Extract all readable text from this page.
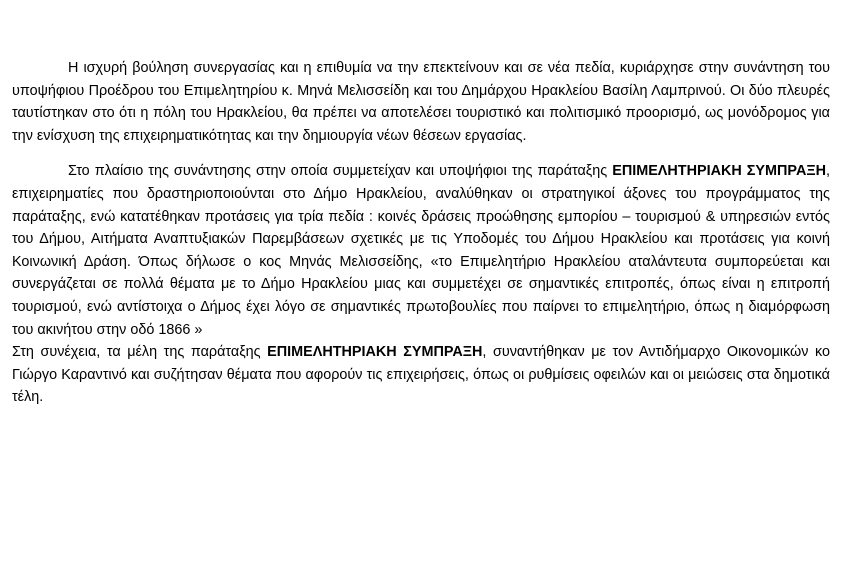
Η ισχυρή βούληση συνεργασίας και η επιθυμία να την επεκτείνουν και σε νέα πεδία, κυριάρχησε στην συνάντηση του υποψήφιου Προέδρου του Επιμελητηρίου κ. Μηνά Μελισσείδη και του Δημάρχου Ηρακλείου Βασίλη Λαμπρινού. Οι δύο πλευρές ταυτίστηκαν στο ότι η πόλη του Ηρακλείου, θα πρέπει να αποτελέσει τουριστικό και πολιτισμικό προορισμό, ως μονόδρομος για την ενίσχυση της επιχειρηματικότητας και την δημιουργία νέων θέσεων εργασίας.

Στο πλαίσιο της συνάντησης στην οποία συμμετείχαν και υποψήφιοι της παράταξης ΕΠΙΜΕΛΗΤΗΡΙΑΚΗ ΣΥΜΠΡΑΞΗ, επιχειρηματίες που δραστηριοποιούνται στο Δήμο Ηρακλείου, αναλύθηκαν οι στρατηγικοί άξονες του προγράμματος της παράταξης, ενώ κατατέθηκαν προτάσεις για τρία πεδία : κοινές δράσεις προώθησης εμπορίου – τουρισμού & υπηρεσιών εντός του Δήμου, Αιτήματα Αναπτυξιακών Παρεμβάσεων σχετικές με τις Υποδομές του Δήμου Ηρακλείου και προτάσεις για κοινή Κοινωνική Δράση. Όπως δήλωσε ο κος Μηνάς Μελισσείδης, «το Επιμελητήριο Ηρακλείου αταλάντευτα συμπορεύεται και συνεργάζεται σε πολλά θέματα με το Δήμο Ηρακλείου μιας και συμμετέχει σε σημαντικές επιτροπές, όπως είναι η επιτροπή τουρισμού, ενώ αντίστοιχα ο Δήμος έχει λόγο σε σημαντικές πρωτοβουλίες που παίρνει το επιμελητήριο, όπως η διαμόρφωση του ακινήτου στην οδό 1866 »

Στη συνέχεια, τα μέλη της παράταξης ΕΠΙΜΕΛΗΤΗΡΙΑΚΗ ΣΥΜΠΡΑΞΗ, συναντήθηκαν με τον Αντιδήμαρχο Οικονομικών κο Γιώργο Καραντινό και συζήτησαν θέματα που αφορούν τις επιχειρήσεις, όπως οι ρυθμίσεις οφειλών και οι μειώσεις στα δημοτικά τέλη.
